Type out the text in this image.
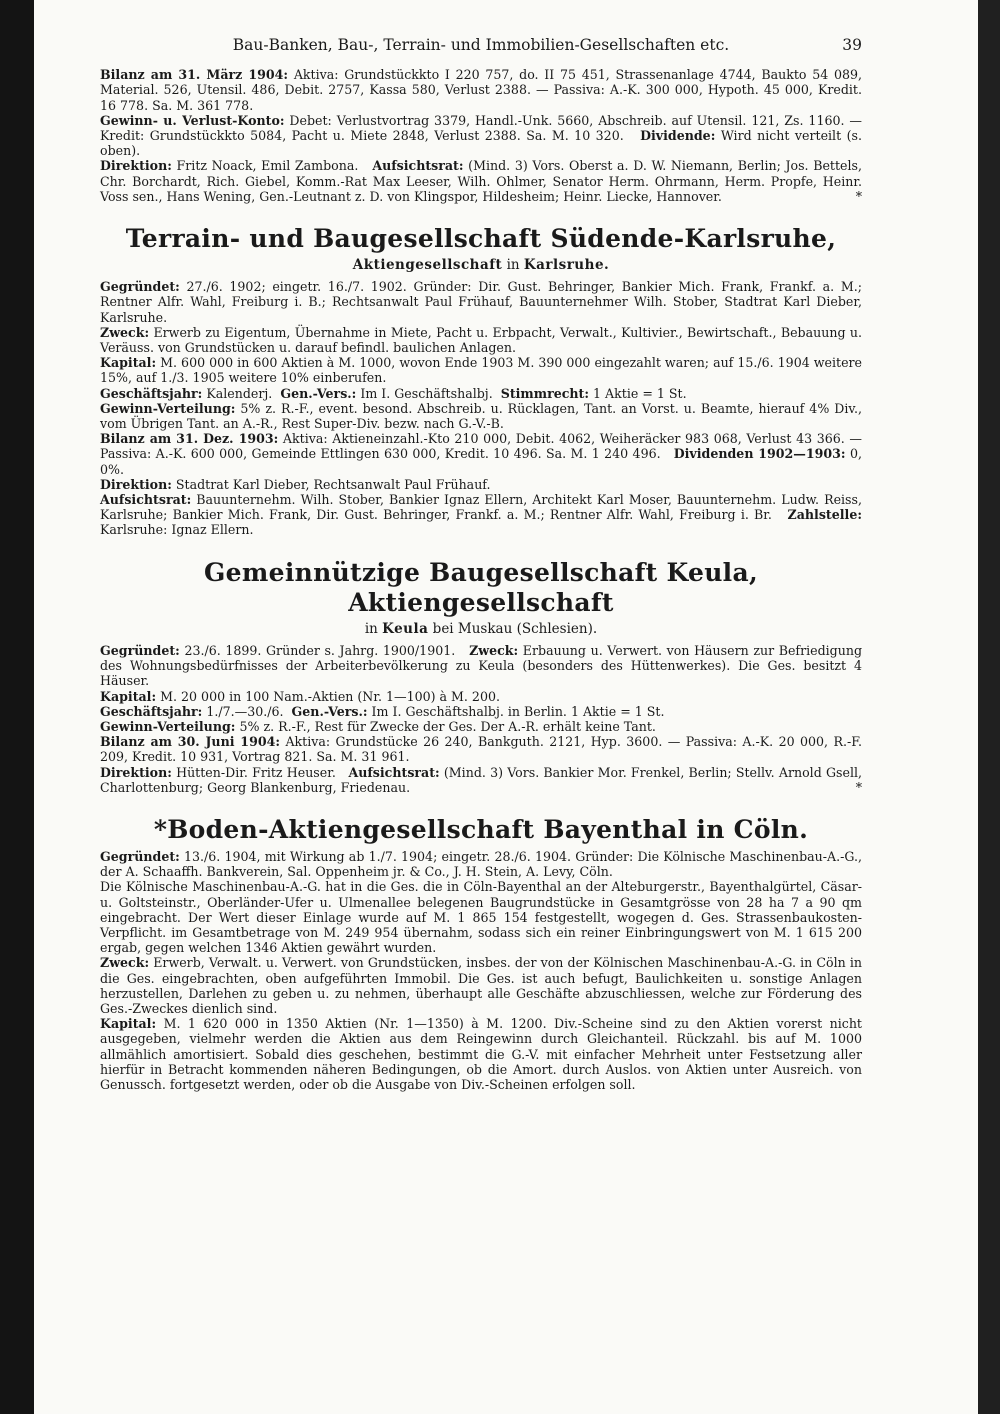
Bau-Banken, Bau-, Terrain- und Immobilien-Gesellschaften etc.	39

Bilanz am 31. März 1904: Aktiva: Grundstückkto I 220 757, do. II 75 451, Strassenanlage 4744, Baukto 54 089, Material. 526, Utensil. 486, Debit. 2757, Kassa 580, Verlust 2388. — Passiva: A.-K. 300 000, Hypoth. 45 000, Kredit. 16 778. Sa. M. 361 778.

Gewinn- u. Verlust-Konto: Debet: Verlustvortrag 3379, Handl.-Unk. 5660, Abschreib. auf Utensil. 121, Zs. 1160. — Kredit: Grundstückkto 5084, Pacht u. Miete 2848, Verlust 2388. Sa. M. 10 320. Dividende: Wird nicht verteilt (s. oben).

Direktion: Fritz Noack, Emil Zambona. Aufsichtsrat: (Mind. 3) Vors. Oberst a. D. W. Niemann, Berlin; Jos. Bettels, Chr. Borchardt, Rich. Giebel, Komm.-Rat Max Leeser, Wilh. Ohlmer, Senator Herm. Ohrmann, Herm. Propfe, Heinr. Voss sen., Hans Wening, Gen.-Leutnant z. D. von Klingspor, Hildesheim; Heinr. Liecke, Hannover.	*

Terrain- und Baugesellschaft Südende-Karlsruhe,
Aktiengesellschaft in Karlsruhe.

Gegründet: 27./6. 1902; eingetr. 16./7. 1902. Gründer: Dir. Gust. Behringer, Bankier Mich. Frank, Frankf. a. M.; Rentner Alfr. Wahl, Freiburg i. B.; Rechtsanwalt Paul Frühauf, Bauunternehmer Wilh. Stober, Stadtrat Karl Dieber, Karlsruhe.

Zweck: Erwerb zu Eigentum, Übernahme in Miete, Pacht u. Erbpacht, Verwalt., Kultivier., Bewirtschaft., Bebauung u. Veräuss. von Grundstücken u. darauf befindl. baulichen Anlagen.

Kapital: M. 600 000 in 600 Aktien à M. 1000, wovon Ende 1903 M. 390 000 eingezahlt waren; auf 15./6. 1904 weitere 15%, auf 1./3. 1905 weitere 10% einberufen.

Geschäftsjahr: Kalenderj. Gen.-Vers.: Im I. Geschäftshalbj. Stimmrecht: 1 Aktie = 1 St.

Gewinn-Verteilung: 5% z. R.-F., event. besond. Abschreib. u. Rücklagen, Tant. an Vorst. u. Beamte, hierauf 4% Div., vom Übrigen Tant. an A.-R., Rest Super-Div. bezw. nach G.-V.-B.

Bilanz am 31. Dez. 1903: Aktiva: Aktieneinzahl.-Kto 210 000, Debit. 4062, Weiheräcker 983 068, Verlust 43 366. — Passiva: A.-K. 600 000, Gemeinde Ettlingen 630 000, Kredit. 10 496. Sa. M. 1 240 496. Dividenden 1902—1903: 0, 0%.

Direktion: Stadtrat Karl Dieber, Rechtsanwalt Paul Frühauf.

Aufsichtsrat: Bauunternehm. Wilh. Stober, Bankier Ignaz Ellern, Architekt Karl Moser, Bauunternehm. Ludw. Reiss, Karlsruhe; Bankier Mich. Frank, Dir. Gust. Behringer, Frankf. a. M.; Rentner Alfr. Wahl, Freiburg i. Br. Zahlstelle: Karlsruhe: Ignaz Ellern.

Gemeinnützige Baugesellschaft Keula, Aktiengesellschaft
in Keula bei Muskau (Schlesien).

Gegründet: 23./6. 1899. Gründer s. Jahrg. 1900/1901. Zweck: Erbauung u. Verwert. von Häusern zur Befriedigung des Wohnungsbedürfnisses der Arbeiterbevölkerung zu Keula (besonders des Hüttenwerkes). Die Ges. besitzt 4 Häuser.

Kapital: M. 20 000 in 100 Nam.-Aktien (Nr. 1—100) à M. 200.

Geschäftsjahr: 1./7.—30./6. Gen.-Vers.: Im I. Geschäftshalbj. in Berlin. 1 Aktie = 1 St.

Gewinn-Verteilung: 5% z. R.-F., Rest für Zwecke der Ges. Der A.-R. erhält keine Tant.

Bilanz am 30. Juni 1904: Aktiva: Grundstücke 26 240, Bankguth. 2121, Hyp. 3600. — Passiva: A.-K. 20 000, R.-F. 209, Kredit. 10 931, Vortrag 821. Sa. M. 31 961.

Direktion: Hütten-Dir. Fritz Heuser. Aufsichtsrat: (Mind. 3) Vors. Bankier Mor. Frenkel, Berlin; Stellv. Arnold Gsell, Charlottenburg; Georg Blankenburg, Friedenau.	*

*Boden-Aktiengesellschaft Bayenthal in Cöln.

Gegründet: 13./6. 1904, mit Wirkung ab 1./7. 1904; eingetr. 28./6. 1904. Gründer: Die Kölnische Maschinenbau-A.-G., der A. Schaaffh. Bankverein, Sal. Oppenheim jr. & Co., J. H. Stein, A. Levy, Cöln.

Die Kölnische Maschinenbau-A.-G. hat in die Ges. die in Cöln-Bayenthal an der Alteburgerstr., Bayenthalgürtel, Cäsar- u. Goltsteinstr., Oberländer-Ufer u. Ulmenallee belegenen Baugrundstücke in Gesamtgrösse von 28 ha 7 a 90 qm eingebracht. Der Wert dieser Einlage wurde auf M. 1 865 154 festgestellt, wogegen d. Ges. Strassenbaukosten-Verpflicht. im Gesamtbetrage von M. 249 954 übernahm, sodass sich ein reiner Einbringungswert von M. 1 615 200 ergab, gegen welchen 1346 Aktien gewährt wurden.

Zweck: Erwerb, Verwalt. u. Verwert. von Grundstücken, insbes. der von der Kölnischen Maschinenbau-A.-G. in Cöln in die Ges. eingebrachten, oben aufgeführten Immobil. Die Ges. ist auch befugt, Baulichkeiten u. sonstige Anlagen herzustellen, Darlehen zu geben u. zu nehmen, überhaupt alle Geschäfte abzuschliessen, welche zur Förderung des Ges.-Zweckes dienlich sind.

Kapital: M. 1 620 000 in 1350 Aktien (Nr. 1—1350) à M. 1200. Div.-Scheine sind zu den Aktien vorerst nicht ausgegeben, vielmehr werden die Aktien aus dem Reingewinn durch Gleichanteil. Rückzahl. bis auf M. 1000 allmählich amortisiert. Sobald dies geschehen, bestimmt die G.-V. mit einfacher Mehrheit unter Festsetzung aller hierfür in Betracht kommenden näheren Bedingungen, ob die Amort. durch Auslos. von Aktien unter Ausreich. von Genussch. fortgesetzt werden, oder ob die Ausgabe von Div.-Scheinen erfolgen soll.
